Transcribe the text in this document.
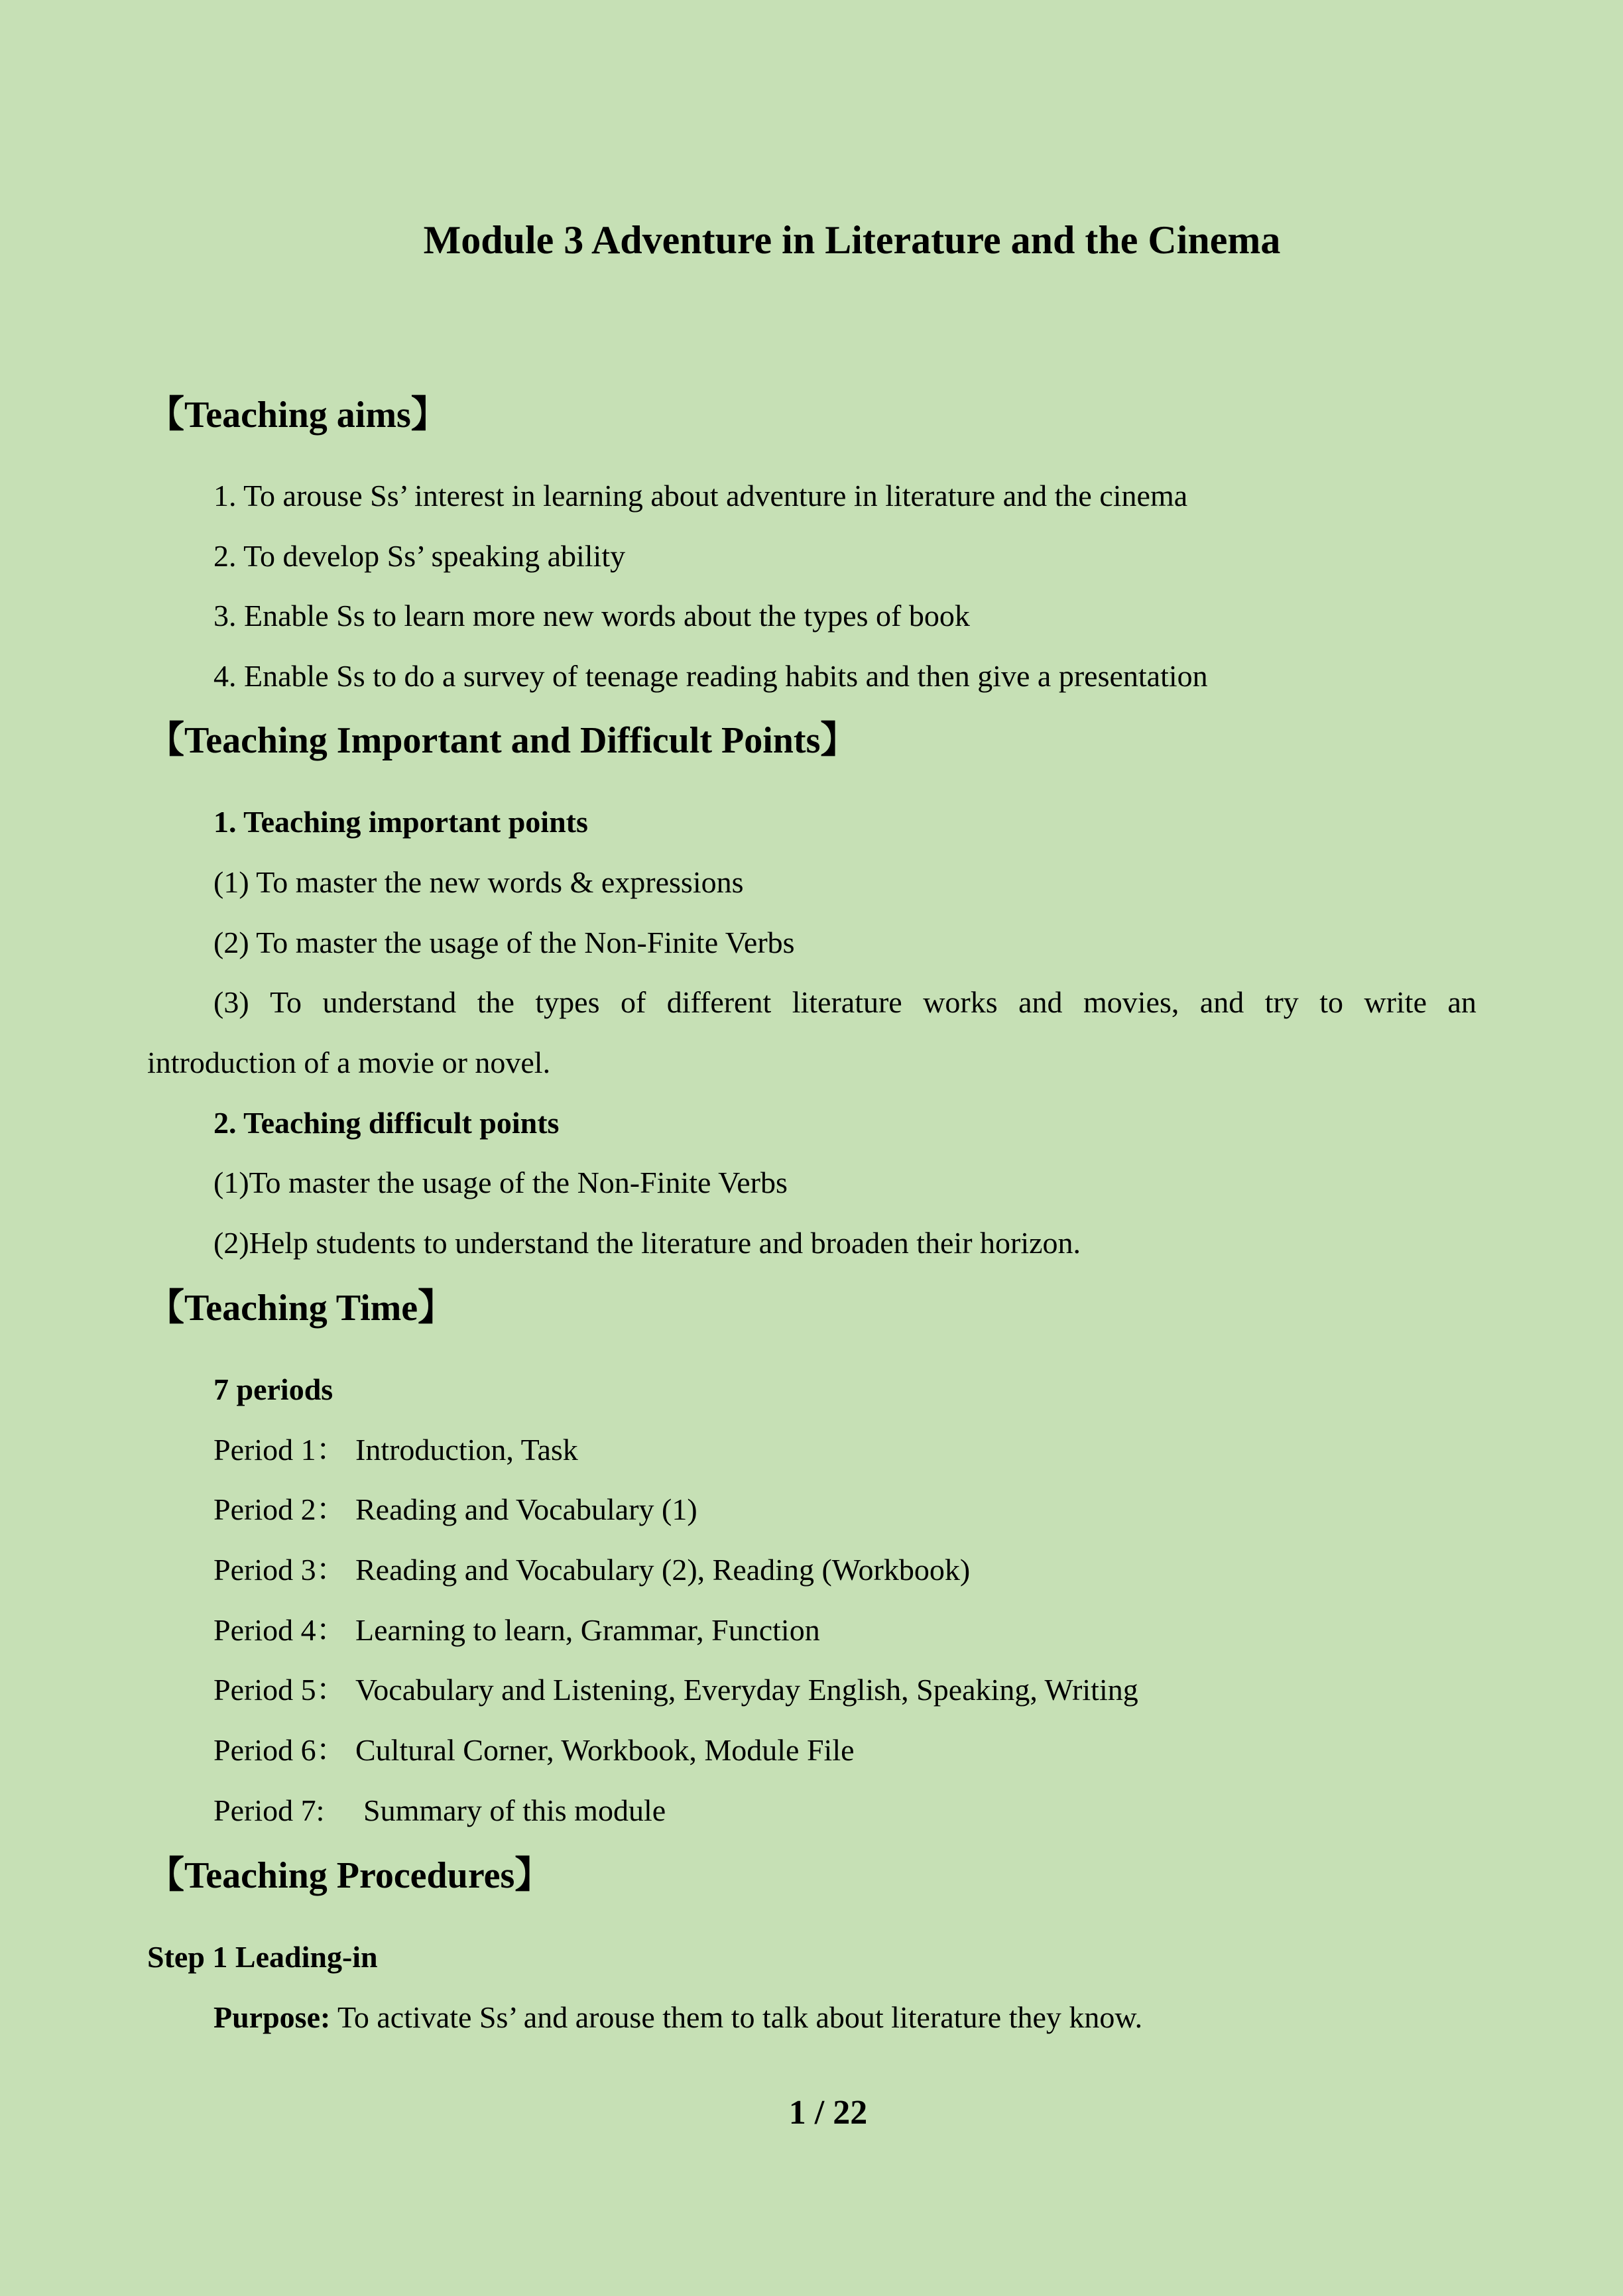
Module 3 Adventure in Literature and the Cinema
【Teaching aims】
1. To arouse Ss’ interest in learning about adventure in literature and the cinema
2. To develop Ss’ speaking ability
3. Enable Ss to learn more new words about the types of book
4. Enable Ss to do a survey of teenage reading habits and then give a presentation
【Teaching Important and Difficult Points】
1. Teaching important points
(1) To master the new words & expressions
(2) To master the usage of the Non-Finite Verbs
(3) To understand the types of different literature works and movies, and try to write an
introduction of a movie or novel.
2. Teaching difficult points
(1)To master the usage of the Non-Finite Verbs
(2)Help students to understand the literature and broaden their horizon.
【Teaching Time】
7 periods
Period 1： Introduction, Task
Period 2： Reading and Vocabulary (1)
Period 3： Reading and Vocabulary (2), Reading (Workbook)
Period 4： Learning to learn, Grammar, Function
Period 5： Vocabulary and Listening, Everyday English, Speaking, Writing
Period 6： Cultural Corner, Workbook, Module File
Period 7: Summary of this module
【Teaching Procedures】
Step 1 Leading-in
Purpose: To activate Ss’ and arouse them to talk about literature they know.
1 / 22
